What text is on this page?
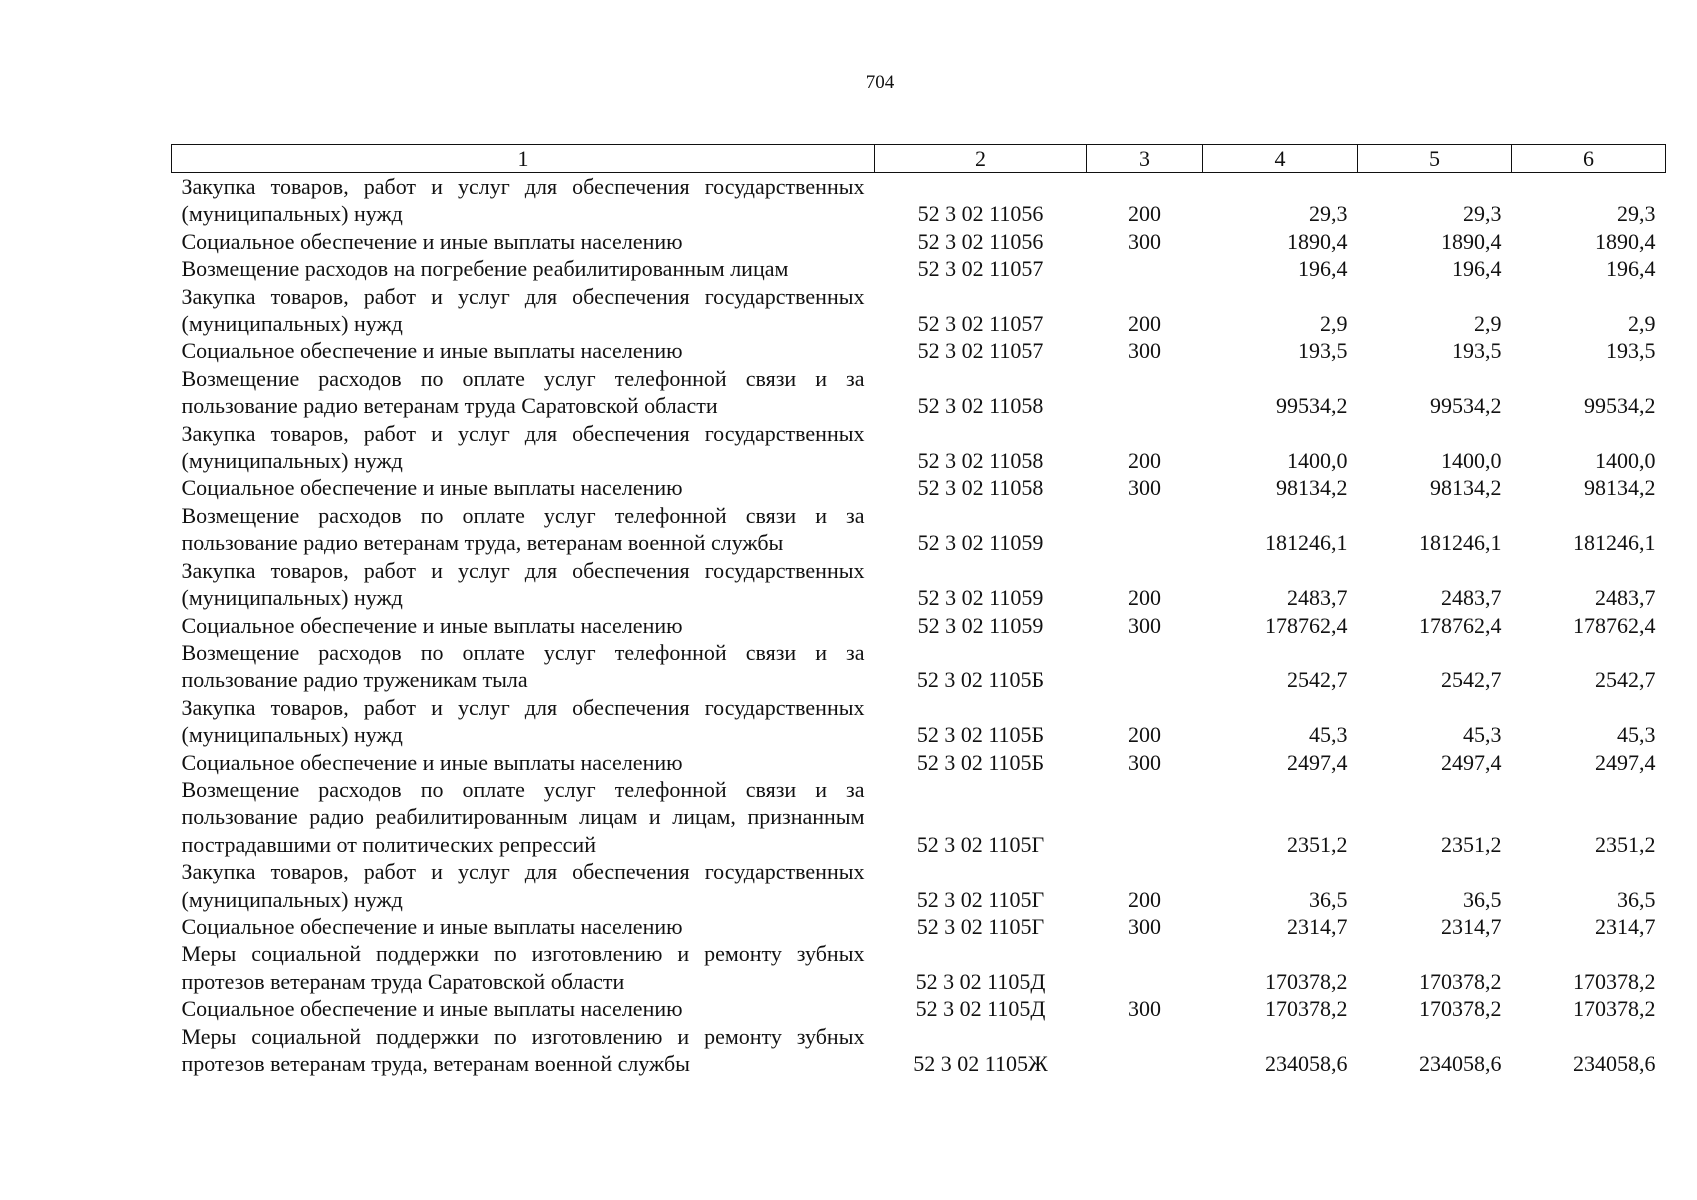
704
1	2	3	4	5	6
Закупка товаров, работ и услуг для обеспечения государственных (муниципальных) нужд	52 3 02 11056	200	29,3	29,3	29,3
Социальное обеспечение и иные выплаты населению	52 3 02 11056	300	1890,4	1890,4	1890,4
Возмещение расходов на погребение реабилитированным лицам	52 3 02 11057		196,4	196,4	196,4
Закупка товаров, работ и услуг для обеспечения государственных (муниципальных) нужд	52 3 02 11057	200	2,9	2,9	2,9
Социальное обеспечение и иные выплаты населению	52 3 02 11057	300	193,5	193,5	193,5
Возмещение расходов по оплате услуг телефонной связи и за пользование радио ветеранам труда Саратовской области	52 3 02 11058		99534,2	99534,2	99534,2
Закупка товаров, работ и услуг для обеспечения государственных (муниципальных) нужд	52 3 02 11058	200	1400,0	1400,0	1400,0
Социальное обеспечение и иные выплаты населению	52 3 02 11058	300	98134,2	98134,2	98134,2
Возмещение расходов по оплате услуг телефонной связи и за пользование радио ветеранам труда, ветеранам военной службы	52 3 02 11059		181246,1	181246,1	181246,1
Закупка товаров, работ и услуг для обеспечения государственных (муниципальных) нужд	52 3 02 11059	200	2483,7	2483,7	2483,7
Социальное обеспечение и иные выплаты населению	52 3 02 11059	300	178762,4	178762,4	178762,4
Возмещение расходов по оплате услуг телефонной связи и за пользование радио труженикам тыла	52 3 02 1105Б		2542,7	2542,7	2542,7
Закупка товаров, работ и услуг для обеспечения государственных (муниципальных) нужд	52 3 02 1105Б	200	45,3	45,3	45,3
Социальное обеспечение и иные выплаты населению	52 3 02 1105Б	300	2497,4	2497,4	2497,4
Возмещение расходов по оплате услуг телефонной связи и за пользование радио реабилитированным лицам и лицам, признанным пострадавшими от политических репрессий	52 3 02 1105Г		2351,2	2351,2	2351,2
Закупка товаров, работ и услуг для обеспечения государственных (муниципальных) нужд	52 3 02 1105Г	200	36,5	36,5	36,5
Социальное обеспечение и иные выплаты населению	52 3 02 1105Г	300	2314,7	2314,7	2314,7
Меры социальной поддержки по изготовлению и ремонту зубных протезов ветеранам труда Саратовской области	52 3 02 1105Д		170378,2	170378,2	170378,2
Социальное обеспечение и иные выплаты населению	52 3 02 1105Д	300	170378,2	170378,2	170378,2
Меры социальной поддержки по изготовлению и ремонту зубных протезов ветеранам труда, ветеранам военной службы	52 3 02 1105Ж		234058,6	234058,6	234058,6
